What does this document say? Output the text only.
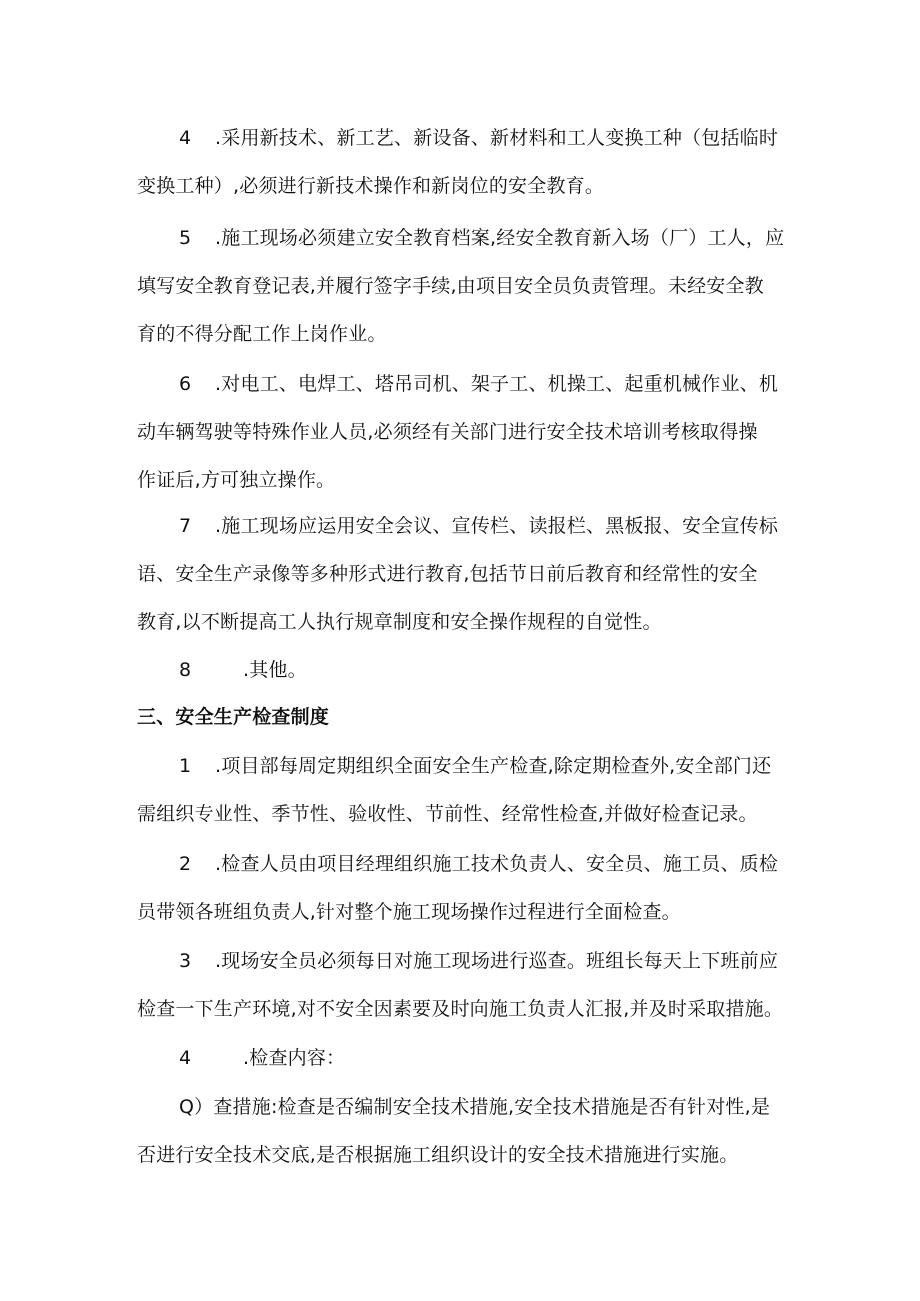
4 .采用新技术、新工艺、新设备、新材料和工人变换工种（包括临时
变换工种）,必须进行新技术操作和新岗位的安全教育。
5 .施工现场必须建立安全教育档案,经安全教育新入场（厂）工人，应
填写安全教育登记表,并履行签字手续,由项目安全员负责管理。未经安全教
育的不得分配工作上岗作业。
6 .对电工、电焊工、塔吊司机、架子工、机操工、起重机械作业、机
动车辆驾驶等特殊作业人员,必须经有关部门进行安全技术培训考核取得操
作证后,方可独立操作。
7 .施工现场应运用安全会议、宣传栏、读报栏、黑板报、安全宣传标
语、安全生产录像等多种形式进行教育,包括节日前后教育和经常性的安全
教育,以不断提高工人执行规章制度和安全操作规程的自觉性。
8	.其他。
三、安全生产检查制度
1 .项目部每周定期组织全面安全生产检查,除定期检查外,安全部门还
需组织专业性、季节性、验收性、节前性、经常性检查,并做好检查记录。
2 .检查人员由项目经理组织施工技术负责人、安全员、施工员、质检
员带领各班组负责人,针对整个施工现场操作过程进行全面检查。
3 .现场安全员必须每日对施工现场进行巡查。班组长每天上下班前应
检查一下生产环境,对不安全因素要及时向施工负责人汇报,并及时采取措施。
4	.检查内容：
Q）查措施:检查是否编制安全技术措施,安全技术措施是否有针对性,是
否进行安全技术交底,是否根据施工组织设计的安全技术措施进行实施。
